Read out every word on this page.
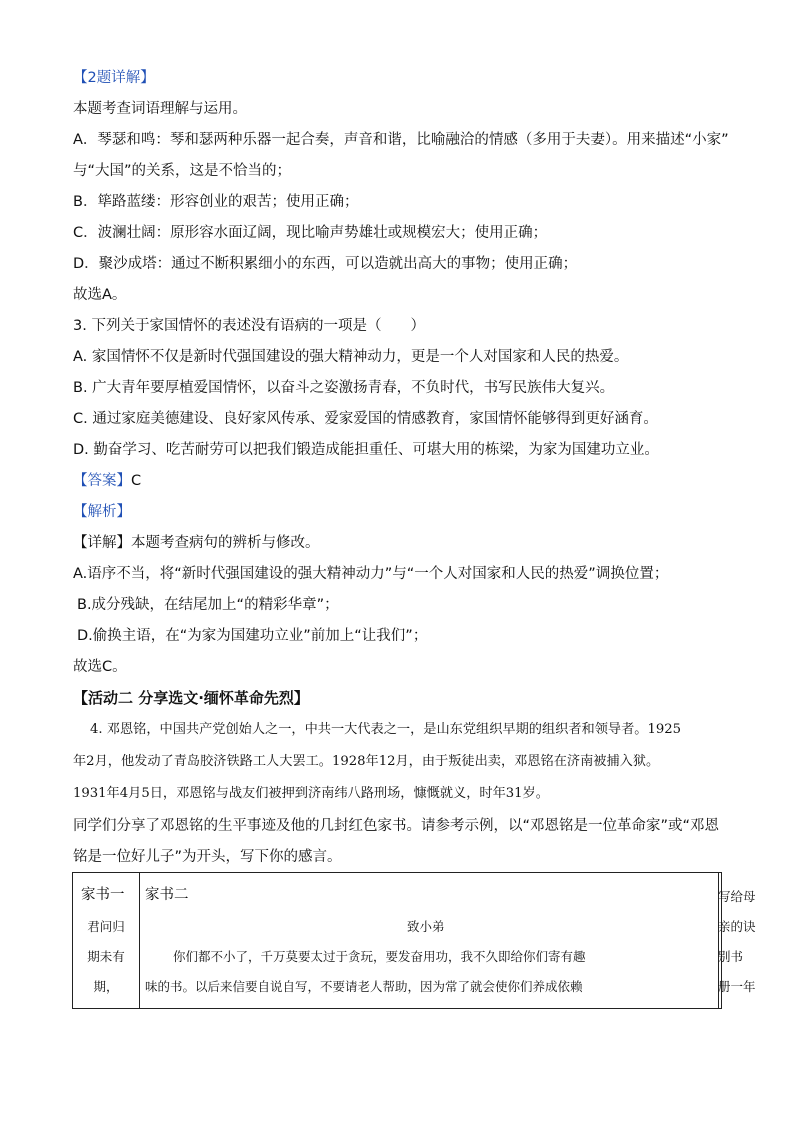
【2题详解】
本题考查词语理解与运用。
A．琴瑟和鸣：琴和瑟两种乐器一起合奏，声音和谐，比喻融洽的情感（多用于夫妻）。用来描述“小家”
与“大国”的关系，这是不恰当的；
B．筚路蓝缕：形容创业的艰苦；使用正确；
C．波澜壮阔：原形容水面辽阔，现比喻声势雄壮或规模宏大；使用正确；
D．聚沙成塔：通过不断积累细小的东西，可以造就出高大的事物；使用正确；
故选A。
3. 下列关于家国情怀的表述没有语病的一项是（　　）
A. 家国情怀不仅是新时代强国建设的强大精神动力，更是一个人对国家和人民的热爱。
B. 广大青年要厚植爱国情怀，以奋斗之姿激扬青春，不负时代，书写民族伟大复兴。
C. 通过家庭美德建设、良好家风传承、爱家爱国的情感教育，家国情怀能够得到更好涵育。
D. 勤奋学习、吃苦耐劳可以把我们锻造成能担重任、可堪大用的栋梁，为家为国建功立业。
【答案】C
【解析】
【详解】本题考查病句的辨析与修改。
A.语序不当，将“新时代强国建设的强大精神动力”与“一个人对国家和人民的热爱”调换位置；
B.成分残缺，在结尾加上“的精彩华章”；
D.偷换主语，在“为家为国建功立业”前加上“让我们”；
故选C。
【活动二 分享选文·缅怀革命先烈】
4. 邓恩铭，中国共产党创始人之一，中共一大代表之一，是山东党组织早期的组织者和领导者。1925
年2月，他发动了青岛胶济铁路工人大罢工。1928年12月，由于叛徒出卖，邓恩铭在济南被捕入狱。
1931年4月5日，邓恩铭与战友们被押到济南纬八路刑场，慷慨就义，时年31岁。
同学们分享了邓恩铭的生平事迹及他的几封红色家书。请参考示例，以“邓恩铭是一位革命家”或“邓恩
铭是一位好儿子”为开头，写下你的感言。
家书一
君问归
期未有
期，
家书二
致小弟
你们都不小了，千万莫要太过于贪玩，要发奋用功，我不久即给你们寄有趣
味的书。以后来信要自说自写，不要请老人帮助，因为常了就会使你们养成依赖
写给母
亲的诀
别书
册一年
